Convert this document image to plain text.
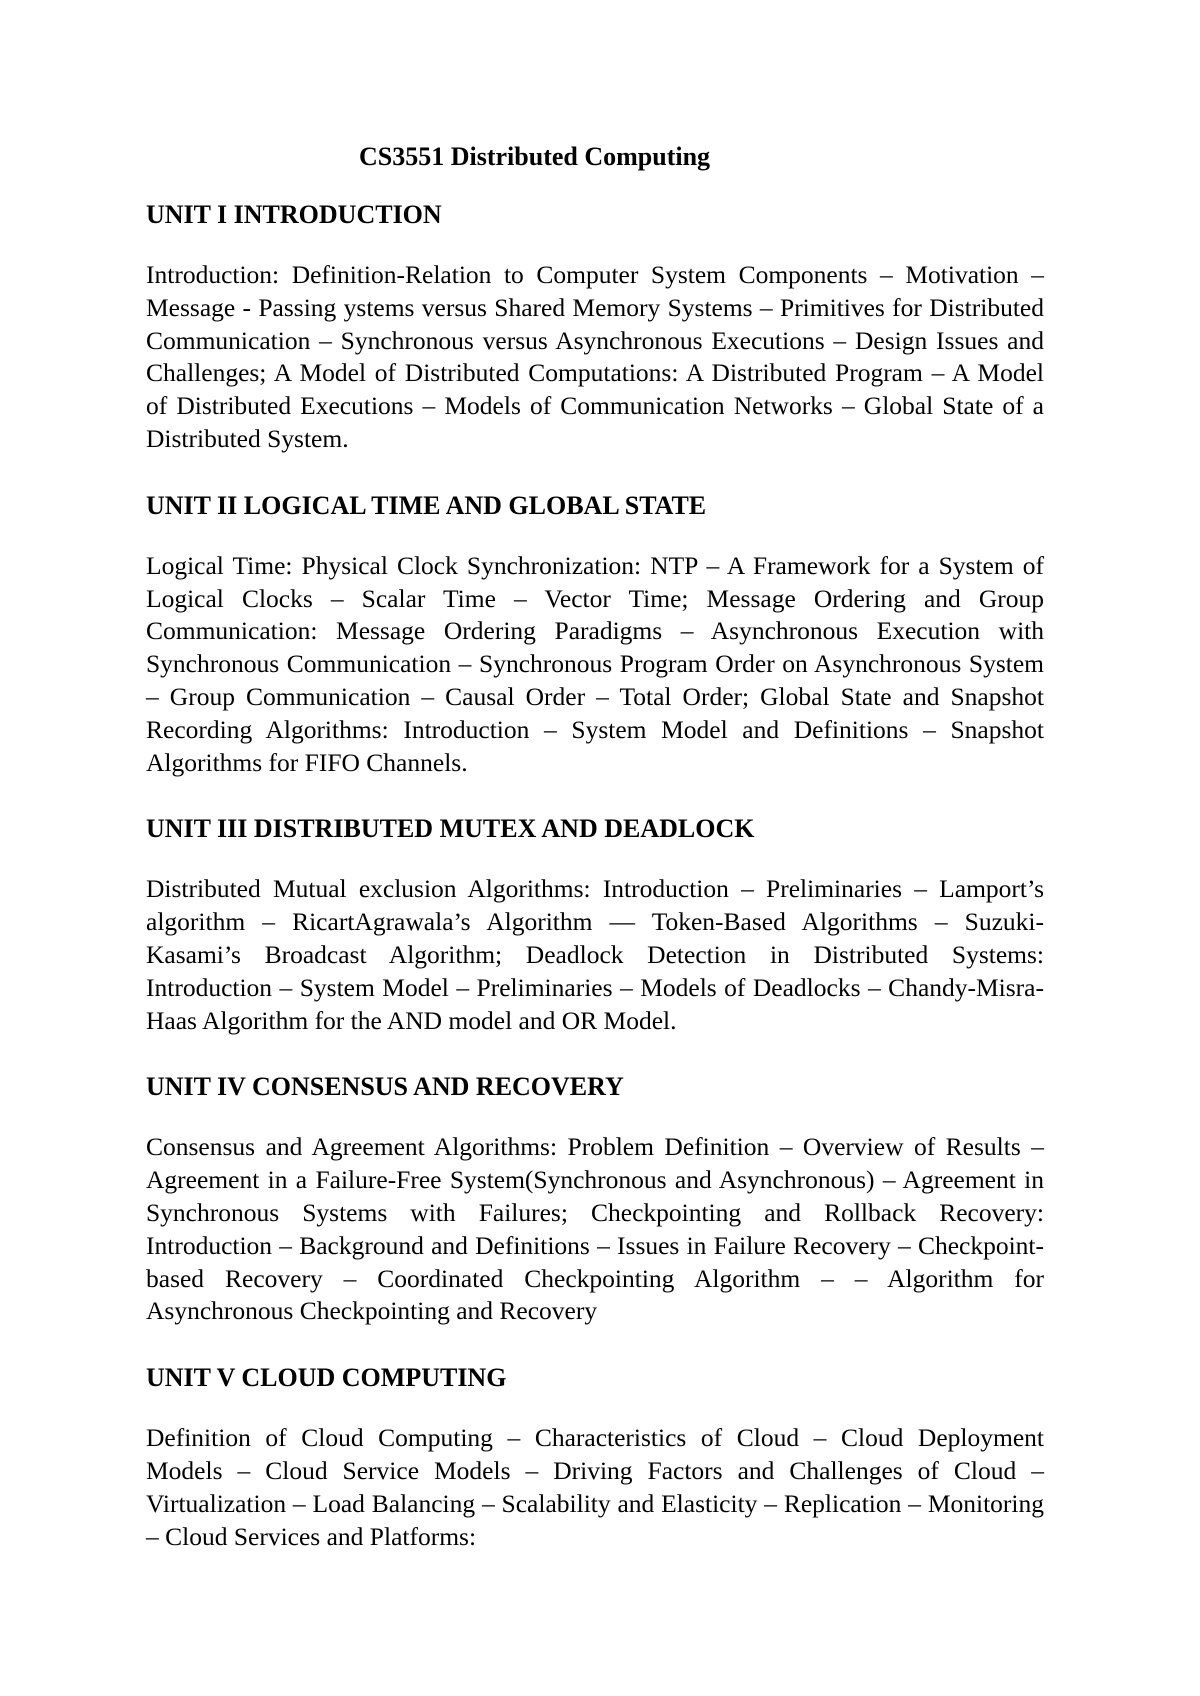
CS3551 Distributed Computing
UNIT I INTRODUCTION
Introduction: Definition-Relation to Computer System Components – Motivation – Message - Passing ystems versus Shared Memory Systems – Primitives for Distributed Communication – Synchronous versus Asynchronous Executions – Design Issues and Challenges; A Model of Distributed Computations: A Distributed Program – A Model of Distributed Executions – Models of Communication Networks – Global State of a Distributed System.
UNIT II LOGICAL TIME AND GLOBAL STATE
Logical Time: Physical Clock Synchronization: NTP – A Framework for a System of Logical Clocks – Scalar Time – Vector Time; Message Ordering and Group Communication: Message Ordering Paradigms – Asynchronous Execution with Synchronous Communication – Synchronous Program Order on Asynchronous System – Group Communication – Causal Order – Total Order; Global State and Snapshot Recording Algorithms: Introduction – System Model and Definitions – Snapshot Algorithms for FIFO Channels.
UNIT III DISTRIBUTED MUTEX AND DEADLOCK
Distributed Mutual exclusion Algorithms: Introduction – Preliminaries – Lamport’s algorithm – RicartAgrawala’s Algorithm –– Token-Based Algorithms – Suzuki-Kasami’s Broadcast Algorithm; Deadlock Detection in Distributed Systems: Introduction – System Model – Preliminaries – Models of Deadlocks – Chandy-Misra-Haas Algorithm for the AND model and OR Model.
UNIT IV CONSENSUS AND RECOVERY
Consensus and Agreement Algorithms: Problem Definition – Overview of Results – Agreement in a Failure-Free System(Synchronous and Asynchronous) – Agreement in Synchronous Systems with Failures; Checkpointing and Rollback Recovery: Introduction – Background and Definitions – Issues in Failure Recovery – Checkpoint-based Recovery – Coordinated Checkpointing Algorithm – – Algorithm for Asynchronous Checkpointing and Recovery
UNIT V CLOUD COMPUTING
Definition of Cloud Computing – Characteristics of Cloud – Cloud Deployment Models – Cloud Service Models – Driving Factors and Challenges of Cloud – Virtualization – Load Balancing – Scalability and Elasticity – Replication – Monitoring – Cloud Services and Platforms:
